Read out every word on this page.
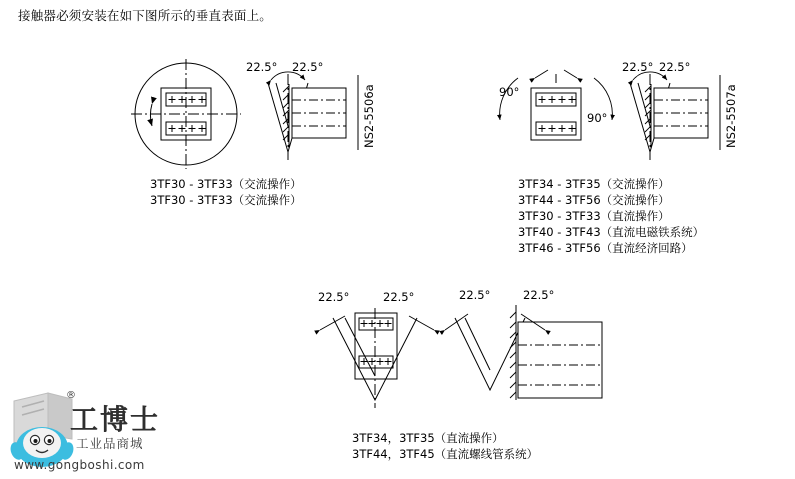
接触器必须安装在如下图所示的垂直表面上。
22.5° 22.5°
90°
90°
22.5° 22.5°
22.5°	22.5°	22.5°	22.5°
NS2-5506a	NS2-5507a
3TF30 - 3TF33（交流操作）
3TF30 - 3TF33（交流操作）
3TF34 - 3TF35（交流操作）
3TF44 - 3TF56（交流操作）
3TF30 - 3TF33（直流操作）
3TF40 - 3TF43（直流电磁铁系统）
3TF46 - 3TF56（直流经济回路）
3TF34，3TF35（直流操作）
3TF44，3TF45（直流螺线管系统）
®
工博士
工业品商城
www.gongboshi.com
